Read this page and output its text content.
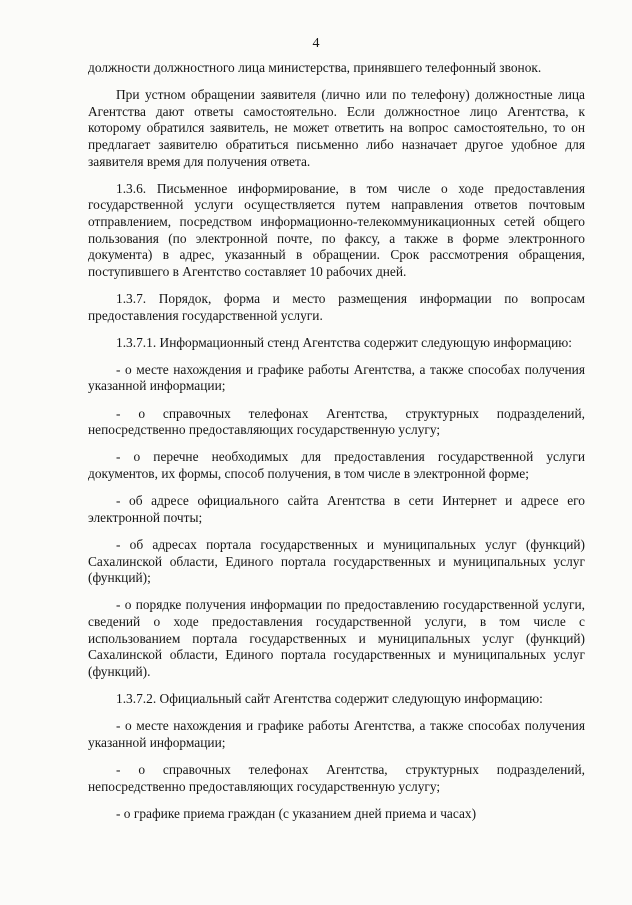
4

должности должностного лица министерства, принявшего телефонный звонок.

При устном обращении заявителя (лично или по телефону) должностные лица Агентства дают ответы самостоятельно. Если должностное лицо Агентства, к которому обратился заявитель, не может ответить на вопрос самостоятельно, то он предлагает заявителю обратиться письменно либо назначает другое удобное для заявителя время для получения ответа.

1.3.6. Письменное информирование, в том числе о ходе предоставления государственной услуги осуществляется путем направления ответов почтовым отправлением, посредством информационно-телекоммуникационных сетей общего пользования (по электронной почте, по факсу, а также в форме электронного документа) в адрес, указанный в обращении. Срок рассмотрения обращения, поступившего в Агентство составляет 10 рабочих дней.

1.3.7. Порядок, форма и место размещения информации по вопросам предоставления государственной услуги.

1.3.7.1. Информационный стенд Агентства содержит следующую информацию:

- о месте нахождения и графике работы Агентства, а также способах получения указанной информации;

- о справочных телефонах Агентства, структурных подразделений, непосредственно предоставляющих государственную услугу;

- о перечне необходимых для предоставления государственной услуги документов, их формы, способ получения, в том числе в электронной форме;

- об адресе официального сайта Агентства в сети Интернет и адресе его электронной почты;

- об адресах портала государственных и муниципальных услуг (функций) Сахалинской области, Единого портала государственных и муниципальных услуг (функций);

- о порядке получения информации по предоставлению государственной услуги, сведений о ходе предоставления государственной услуги, в том числе с использованием портала государственных и муниципальных услуг (функций) Сахалинской области, Единого портала государственных и муниципальных услуг (функций).

1.3.7.2. Официальный сайт Агентства содержит следующую информацию:

- о месте нахождения и графике работы Агентства, а также способах получения указанной информации;

- о справочных телефонах Агентства, структурных подразделений, непосредственно предоставляющих государственную услугу;

- о графике приема граждан (с указанием дней приема и часах)
